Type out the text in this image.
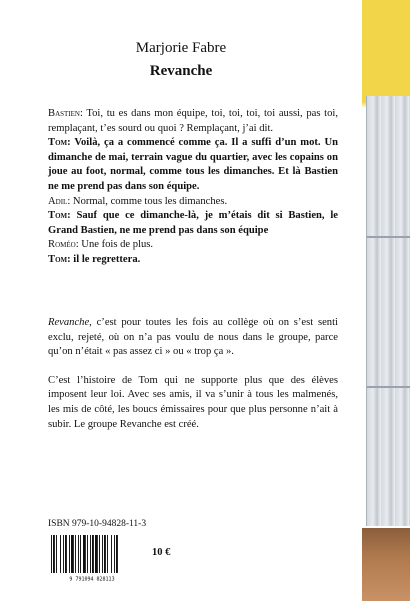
Marjorie Fabre
Revanche

Bastien: Toi, tu es dans mon équipe, toi, toi, toi, toi aussi, pas toi, remplaçant, t’es sourd ou quoi ? Remplaçant, j’ai dit.

Tom: Voilà, ça a commencé comme ça. Il a suffi d’un mot. Un dimanche de mai, terrain vague du quartier, avec les copains on joue au foot, normal, comme tous les dimanches. Et là Bastien ne me prend pas dans son équipe.

Adil: Normal, comme tous les dimanches.

Tom: Sauf que ce dimanche-là, je m’étais dit si Bastien, le Grand Bastien, ne me prend pas dans son équipe

Roméo: Une fois de plus.

Tom: il le regrettera.

Revanche, c’est pour toutes les fois au collège où on s’est senti exclu, rejeté, où on n’a pas voulu de nous dans le groupe, parce qu’on n’était « pas assez ci » ou « trop ça ».

C’est l’histoire de Tom qui ne supporte plus que des élèves imposent leur loi. Avec ses amis, il va s’unir à tous les malmenés, les mis de côté, les boucs émissaires pour que plus personne n’ait à subir. Le groupe Revanche est créé.

ISBN 979-10-94828-11-3
9 791094 828113
10 €
